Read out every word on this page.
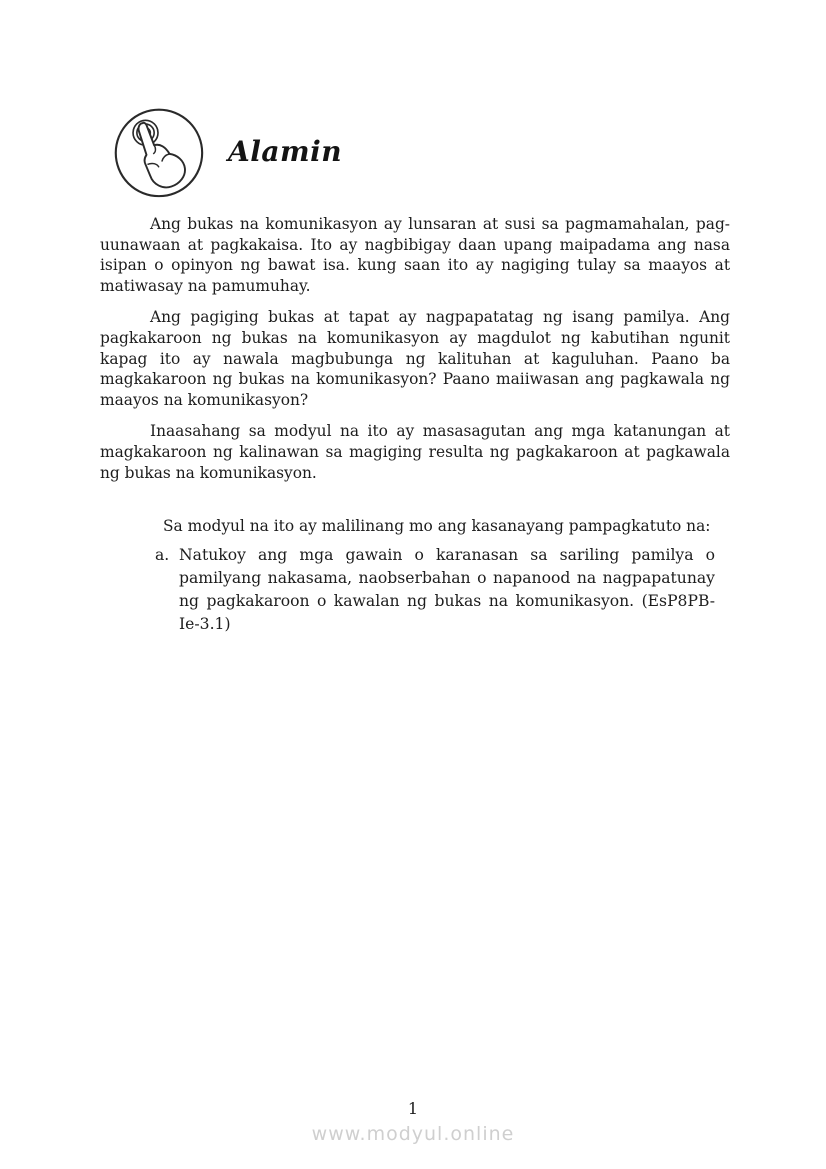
Alamin

Ang bukas na komunikasyon ay lunsaran at susi sa pagmamahalan, pag-uunawaan at pagkakaisa. Ito ay nagbibigay daan upang maipadama ang nasa isipan o opinyon ng bawat isa. kung saan ito ay nagiging tulay sa maayos at matiwasay na pamumuhay.

Ang pagiging bukas at tapat ay nagpapatatag ng isang pamilya. Ang pagkakaroon ng bukas na komunikasyon ay magdulot ng kabutihan ngunit kapag ito ay nawala magbubunga ng kalituhan at kaguluhan. Paano ba magkakaroon ng bukas na komunikasyon? Paano maiiwasan ang pagkawala ng maayos na komunikasyon?

Inaasahang sa modyul na ito ay masasagutan ang mga katanungan at magkakaroon ng kalinawan sa magiging resulta ng pagkakaroon at pagkawala ng bukas na komunikasyon.

Sa modyul na ito ay malilinang mo ang kasanayang pampagkatuto na:

a. Natukoy ang mga gawain o karanasan sa sariling pamilya o pamilyang nakasama, naobserbahan o napanood na nagpapatunay ng pagkakaroon o kawalan ng bukas na komunikasyon. (EsP8PB-Ie-3.1)
1
www.modyul.online
